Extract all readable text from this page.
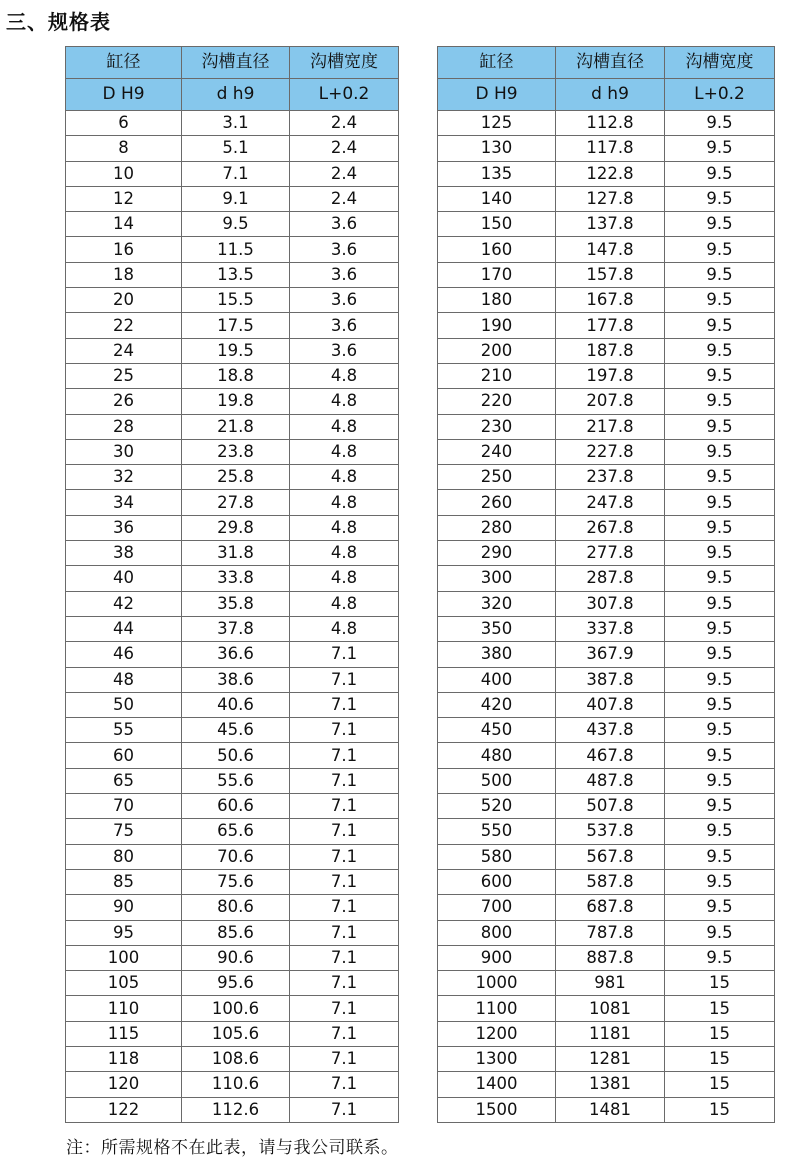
三、规格表
缸径	沟槽直径	沟槽宽度
D H9	d h9	L+0.2
6	3.1	2.4
8	5.1	2.4
10	7.1	2.4
12	9.1	2.4
14	9.5	3.6
16	11.5	3.6
18	13.5	3.6
20	15.5	3.6
22	17.5	3.6
24	19.5	3.6
25	18.8	4.8
26	19.8	4.8
28	21.8	4.8
30	23.8	4.8
32	25.8	4.8
34	27.8	4.8
36	29.8	4.8
38	31.8	4.8
40	33.8	4.8
42	35.8	4.8
44	37.8	4.8
46	36.6	7.1
48	38.6	7.1
50	40.6	7.1
55	45.6	7.1
60	50.6	7.1
65	55.6	7.1
70	60.6	7.1
75	65.6	7.1
80	70.6	7.1
85	75.6	7.1
90	80.6	7.1
95	85.6	7.1
100	90.6	7.1
105	95.6	7.1
110	100.6	7.1
115	105.6	7.1
118	108.6	7.1
120	110.6	7.1
122	112.6	7.1
缸径	沟槽直径	沟槽宽度
D H9	d h9	L+0.2
125	112.8	9.5
130	117.8	9.5
135	122.8	9.5
140	127.8	9.5
150	137.8	9.5
160	147.8	9.5
170	157.8	9.5
180	167.8	9.5
190	177.8	9.5
200	187.8	9.5
210	197.8	9.5
220	207.8	9.5
230	217.8	9.5
240	227.8	9.5
250	237.8	9.5
260	247.8	9.5
280	267.8	9.5
290	277.8	9.5
300	287.8	9.5
320	307.8	9.5
350	337.8	9.5
380	367.9	9.5
400	387.8	9.5
420	407.8	9.5
450	437.8	9.5
480	467.8	9.5
500	487.8	9.5
520	507.8	9.5
550	537.8	9.5
580	567.8	9.5
600	587.8	9.5
700	687.8	9.5
800	787.8	9.5
900	887.8	9.5
1000	981	15
1100	1081	15
1200	1181	15
1300	1281	15
1400	1381	15
1500	1481	15
注：所需规格不在此表，请与我公司联系。
